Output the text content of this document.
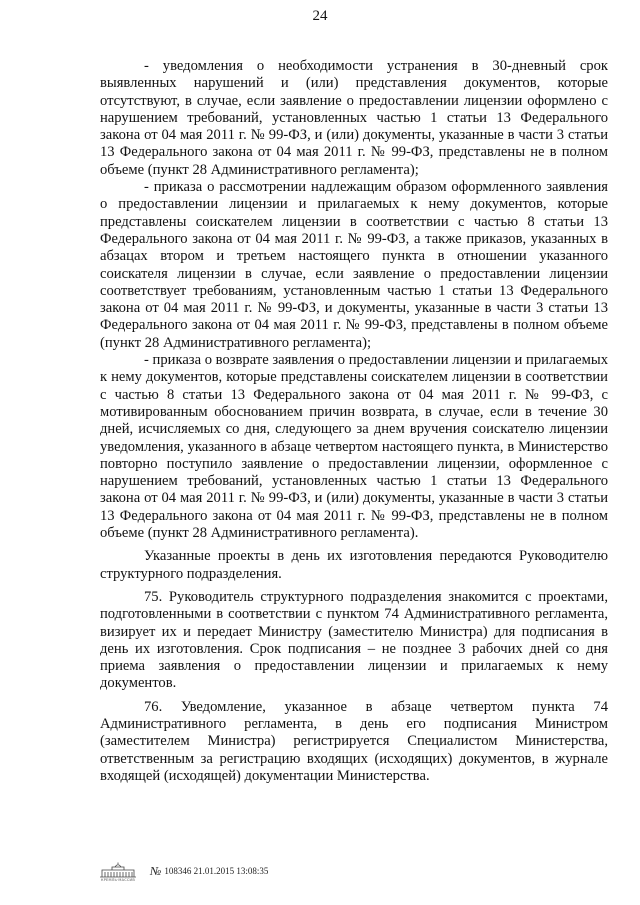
24

- уведомления о необходимости устранения в 30-дневный срок выявленных нарушений и (или) представления документов, которые отсутствуют, в случае, если заявление о предоставлении лицензии оформлено с нарушением требований, установленных частью 1 статьи 13 Федерального закона от 04 мая 2011 г. № 99-ФЗ, и (или) документы, указанные в части 3 статьи 13 Федерального закона от 04 мая 2011 г. № 99-ФЗ, представлены не в полном объеме (пункт 28 Административного регламента);

- приказа о рассмотрении надлежащим образом оформленного заявления о предоставлении лицензии и прилагаемых к нему документов, которые представлены соискателем лицензии в соответствии с частью 8 статьи 13 Федерального закона от 04 мая 2011 г. № 99-ФЗ, а также приказов, указанных в абзацах втором и третьем настоящего пункта в отношении указанного соискателя лицензии в случае, если заявление о предоставлении лицензии соответствует требованиям, установленным частью 1 статьи 13 Федерального закона от 04 мая 2011 г. № 99-ФЗ, и документы, указанные в части 3 статьи 13 Федерального закона от 04 мая 2011 г. № 99-ФЗ, представлены в полном объеме (пункт 28 Административного регламента);

- приказа о возврате заявления о предоставлении лицензии и прилагаемых к нему документов, которые представлены соискателем лицензии в соответствии с частью 8 статьи 13 Федерального закона от 04 мая 2011 г. № 99-ФЗ, с мотивированным обоснованием причин возврата, в случае, если в течение 30 дней, исчисляемых со дня, следующего за днем вручения соискателю лицензии уведомления, указанного в абзаце четвертом настоящего пункта, в Министерство повторно поступило заявление о предоставлении лицензии, оформленное с нарушением требований, установленных частью 1 статьи 13 Федерального закона от 04 мая 2011 г. № 99-ФЗ, и (или) документы, указанные в части 3 статьи 13 Федерального закона от 04 мая 2011 г. № 99-ФЗ, представлены не в полном объеме (пункт 28 Административного регламента).

Указанные проекты в день их изготовления передаются Руководителю структурного подразделения.

75. Руководитель структурного подразделения знакомится с проектами, подготовленными в соответствии с пунктом 74 Административного регламента, визирует их и передает Министру (заместителю Министра) для подписания в день их изготовления. Срок подписания – не позднее 3 рабочих дней со дня приема заявления о предоставлении лицензии и прилагаемых к нему документов.

76. Уведомление, указанное в абзаце четвертом пункта 74 Административного регламента, в день его подписания Министром (заместителем Министра) регистрируется Специалистом Министерства, ответственным за регистрацию входящих (исходящих) документов, в журнале входящей (исходящей) документации Министерства.

КРЕМЛЬ·МАССИВ
№ 108346 21.01.2015 13:08:35
